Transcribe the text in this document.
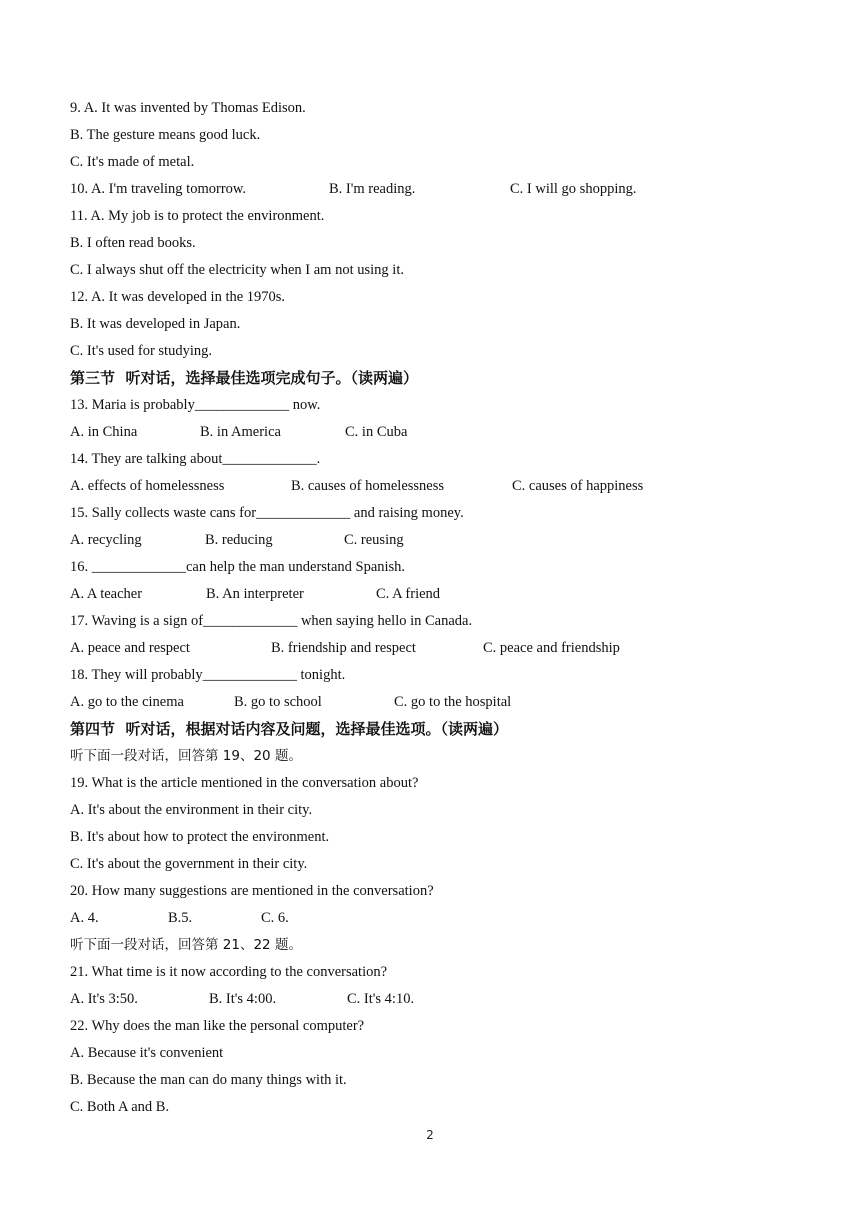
9. A. It was invented by Thomas Edison.
B. The gesture means good luck.
C. It's made of metal.

10. A. I'm traveling tomorrow.

	B. I'm reading.

	C. I will go shopping.

11. A. My job is to protect the environment.
B. I often read books.
C. I always shut off the electricity when I am not using it.
12. A. It was developed in the 1970s.
B. It was developed in Japan.
C. It's used for studying.
第三节  听对话，选择最佳选项完成句子。（读两遍）
13. Maria is probably_____________ now.

A. in China

	B. in America

	C. in Cuba

14. They are talking about_____________.

A. effects of homelessness

	B. causes of homelessness

	C. causes of happiness

15. Sally collects waste cans for_____________ and raising money.

A. recycling

	B. reducing

	C. reusing

16. _____________can help the man understand Spanish.

A. A teacher

	B. An interpreter

	C. A friend

17. Waving is a sign of_____________ when saying hello in Canada.

A. peace and respect

	B. friendship and respect

	C. peace and friendship

18. They will probably_____________ tonight.

A. go to the cinema

	B. go to school

	C. go to the hospital

第四节  听对话，根据对话内容及问题，选择最佳选项。（读两遍）
听下面一段对话，回答第 19、20 题。
19. What is the article mentioned in the conversation about?
A. It's about the environment in their city.
B. It's about how to protect the environment.
C. It's about the government in their city.
20. How many suggestions are mentioned in the conversation?

A. 4.

	B.5.

	C. 6.

听下面一段对话，回答第 21、22 题。
21. What time is it now according to the conversation?

A. It's 3:50.

	B. It's 4:00.

	C. It's 4:10.

22. Why does the man like the personal computer?
A. Because it's convenient
B. Because the man can do many things with it.
C. Both A and B.
2
